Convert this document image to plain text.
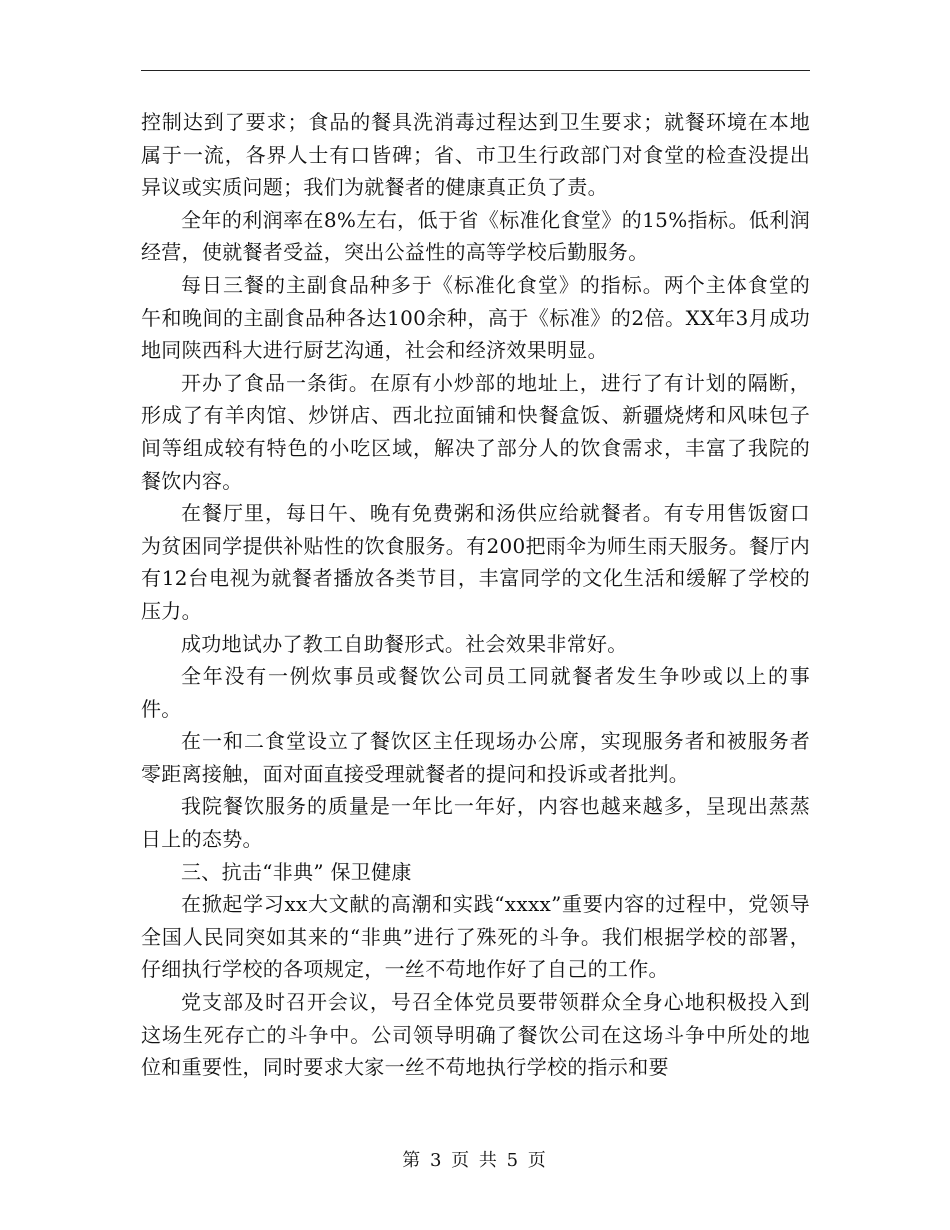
控制达到了要求；食品的餐具洗消毒过程达到卫生要求；就餐环境在本地属于一流，各界人士有口皆碑；省、市卫生行政部门对食堂的检查没提出异议或实质问题；我们为就餐者的健康真正负了责。

全年的利润率在8%左右，低于省《标准化食堂》的15%指标。低利润经营，使就餐者受益，突出公益性的高等学校后勤服务。

每日三餐的主副食品种多于《标准化食堂》的指标。两个主体食堂的午和晚间的主副食品种各达100余种，高于《标准》的2倍。XX年3月成功地同陕西科大进行厨艺沟通，社会和经济效果明显。

开办了食品一条街。在原有小炒部的地址上，进行了有计划的隔断，形成了有羊肉馆、炒饼店、西北拉面铺和快餐盒饭、新疆烧烤和风味包子间等组成较有特色的小吃区域，解决了部分人的饮食需求，丰富了我院的餐饮内容。

在餐厅里，每日午、晚有免费粥和汤供应给就餐者。有专用售饭窗口为贫困同学提供补贴性的饮食服务。有200把雨伞为师生雨天服务。餐厅内有12台电视为就餐者播放各类节目，丰富同学的文化生活和缓解了学校的压力。

成功地试办了教工自助餐形式。社会效果非常好。

全年没有一例炊事员或餐饮公司员工同就餐者发生争吵或以上的事件。

在一和二食堂设立了餐饮区主任现场办公席，实现服务者和被服务者零距离接触，面对面直接受理就餐者的提问和投诉或者批判。

我院餐饮服务的质量是一年比一年好，内容也越来越多，呈现出蒸蒸日上的态势。

三、抗击“非典” 保卫健康

在掀起学习xx大文献的高潮和实践“xxxx”重要内容的过程中，党领导全国人民同突如其来的“非典”进行了殊死的斗争。我们根据学校的部署，仔细执行学校的各项规定，一丝不苟地作好了自己的工作。

党支部及时召开会议，号召全体党员要带领群众全身心地积极投入到这场生死存亡的斗争中。公司领导明确了餐饮公司在这场斗争中所处的地位和重要性，同时要求大家一丝不苟地执行学校的指示和要

第 3 页 共 5 页
